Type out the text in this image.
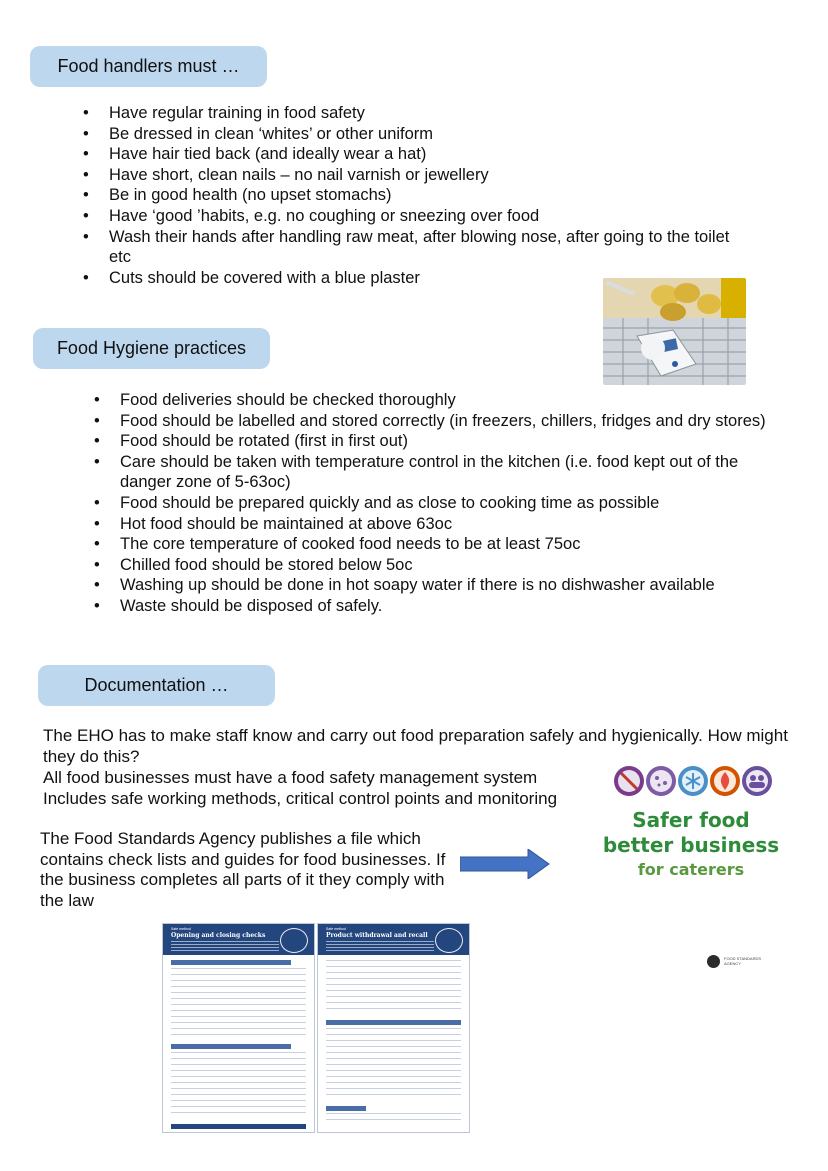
Food handlers must …
• Have regular training in food safety
• Be dressed in clean ‘whites’ or other uniform
• Have hair tied back (and ideally wear a hat)
• Have short, clean nails – no nail varnish or jewellery
• Be in good health (no upset stomachs)
• Have ‘good ’habits, e.g. no coughing or sneezing over food
• Wash their hands after handling raw meat, after blowing nose, after going to the toilet etc
• Cuts should be covered with a blue plaster
Food Hygiene practices
• Food deliveries should be checked thoroughly
• Food should be labelled and stored correctly (in freezers, chillers, fridges and dry stores)
• Food should be rotated (first in first out)
• Care should be taken with temperature control in the kitchen (i.e. food kept out of the danger zone of 5-63oc)
• Food should be prepared quickly and as close to cooking time as possible
• Hot food should be maintained at above 63oc
• The core temperature of cooked food needs to be at least 75oc
• Chilled food should be stored below 5oc
• Washing up should be done in hot soapy water if there is no dishwasher available
• Waste should be disposed of safely.
Documentation …

The EHO has to make staff know and carry out food preparation safely and hygienically. How might they do this?

All food businesses must have a food safety management system

Includes safe working methods, critical control points and monitoring

The Food Standards Agency publishes a file which contains check lists and guides for food businesses. If the business completes all parts of it they comply with the law

Safer food
better business
for caterers
Safe method
Opening and closing checks
Safe method
Product withdrawal and recall
FOOD STANDARDS AGENCY
